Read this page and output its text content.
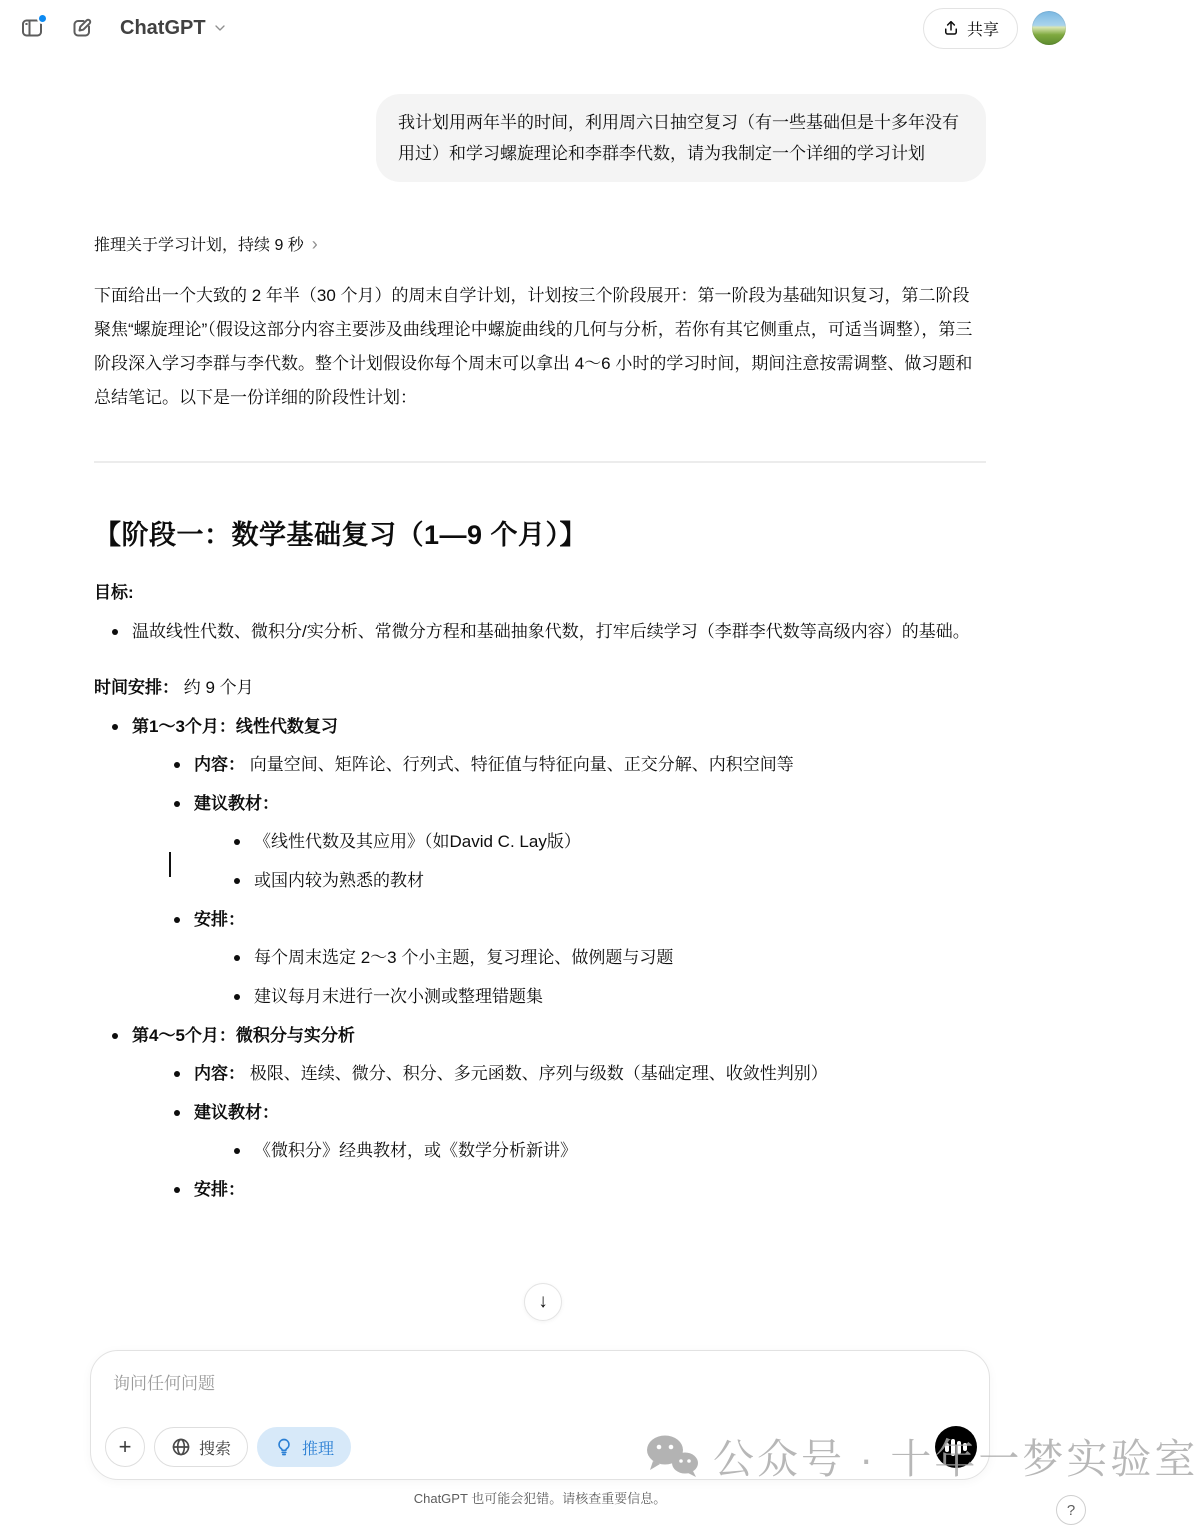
ChatGPT	共享
我计划用两年半的时间，利用周六日抽空复习（有一些基础但是十多年没有用过）和学习螺旋理论和李群李代数，请为我制定一个详细的学习计划
推理关于学习计划，持续 9 秒 ›

下面给出一个大致的 2 年半（30 个月）的周末自学计划，计划按三个阶段展开：第一阶段为基础知识复习，第二阶段聚焦“螺旋理论”（假设这部分内容主要涉及曲线理论中螺旋曲线的几何与分析，若你有其它侧重点，可适当调整），第三阶段深入学习李群与李代数。整个计划假设你每个周末可以拿出 4～6 小时的学习时间，期间注意按需调整、做习题和总结笔记。以下是一份详细的阶段性计划：

【阶段一：数学基础复习（1—9 个月）】

目标:

温故线性代数、微积分/实分析、常微分方程和基础抽象代数，打牢后续学习（李群李代数等高级内容）的基础。

时间安排： 约 9 个月

第1～3个月：线性代数复习
内容： 向量空间、矩阵论、行列式、特征值与特征向量、正交分解、内积空间等
建议教材：
《线性代数及其应用》（如David C. Lay版）
或国内较为熟悉的教材
安排：
每个周末选定 2～3 个小主题，复习理论、做例题与习题
建议每月末进行一次小测或整理错题集
第4～5个月：微积分与实分析
内容： 极限、连续、微分、积分、多元函数、序列与级数（基础定理、收敛性判别）
建议教材：
《微积分》经典教材，或《数学分析新讲》
安排：
↓
询问任何问题
+	搜索	推理	公众号 · 十年一梦实验室
ChatGPT 也可能会犯错。请核查重要信息。
?
